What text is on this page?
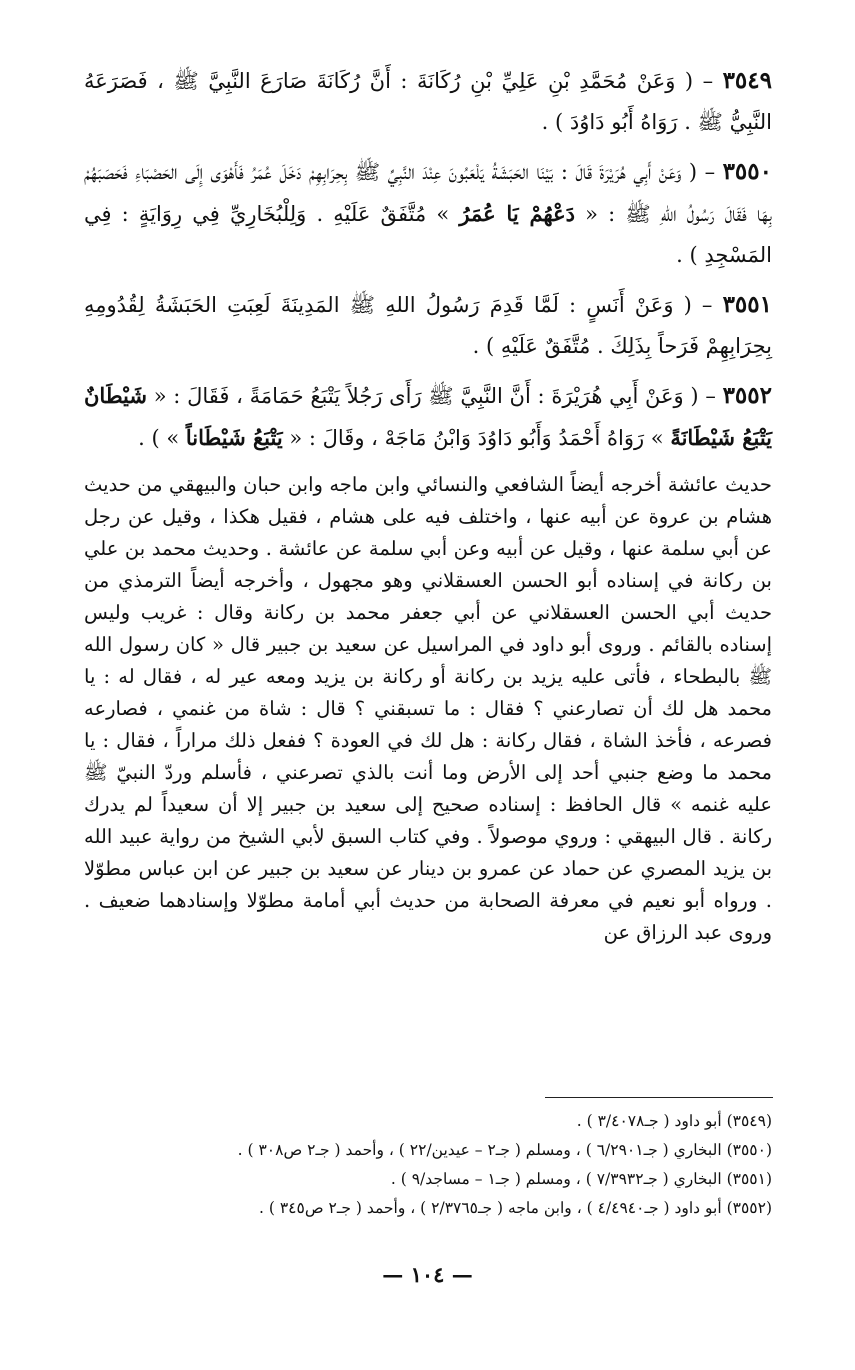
٣٥٤٩ – ( وَعَنْ مُحَمَّدِ بْنِ عَلِيِّ بْنِ رُكَانَةَ : أَنَّ رُكَانَةَ صَارَعَ النَّبِيَّ ﷺ ، فَصَرَعَهُ النَّبِيُّ ﷺ . رَوَاهُ أَبُو دَاوُدَ ) .

٣٥٥٠ – ( وَعَنْ أَبِي هُرَيْرَةَ قَالَ : بَيْنَا الحَبَشَةُ يَلْعَبُونَ عِنْدَ النَّبِيِّ ﷺ بِحِرَابِهِمْ دَخَلَ عُمَرُ فَأَهْوَى إِلَى الحَصْبَاءِ فَحَصَبَهُمْ بِهَا فَقَالَ رَسُولُ اللهِ ﷺ : « دَعْهُمْ يَا عُمَرُ » مُتَّفَقٌ عَلَيْهِ . وَلِلْبُخَارِيِّ فِي رِوَايَةٍ : فِي المَسْجِدِ ) .

٣٥٥١ – ( وَعَنْ أَنَسٍ : لَمَّا قَدِمَ رَسُولُ اللهِ ﷺ المَدِينَةَ لَعِبَتِ الحَبَشَةُ لِقُدُومِهِ بِحِرَابِهِمْ فَرَحاً بِذَلِكَ . مُتَّفَقٌ عَلَيْهِ ) .

٣٥٥٢ – ( وَعَنْ أَبِي هُرَيْرَةَ : أَنَّ النَّبِيَّ ﷺ رَأَى رَجُلاً يَتْبَعُ حَمَامَةً ، فَقَالَ : « شَيْطَانٌ يَتْبَعُ شَيْطَانَةً » رَوَاهُ أَحْمَدُ وَأَبُو دَاوُدَ وَابْنُ مَاجَهْ ، وقَالَ : « يَتْبَعُ شَيْطَاناً » ) .

حديث عائشة أخرجه أيضاً الشافعي والنسائي وابن ماجه وابن حبان والبيهقي من حديث هشام بن عروة عن أبيه عنها ، واختلف فيه على هشام ، فقيل هكذا ، وقيل عن رجل عن أبي سلمة عنها ، وقيل عن أبيه وعن أبي سلمة عن عائشة . وحديث محمد بن علي بن ركانة في إسناده أبو الحسن العسقلاني وهو مجهول ، وأخرجه أيضاً الترمذي من حديث أبي الحسن العسقلاني عن أبي جعفر محمد بن ركانة وقال : غريب وليس إسناده بالقائم . وروى أبو داود في المراسيل عن سعيد بن جبير قال « كان رسول الله ﷺ بالبطحاء ، فأتى عليه يزيد بن ركانة أو ركانة بن يزيد ومعه عير له ، فقال له : يا محمد هل لك أن تصارعني ؟ فقال : ما تسبقني ؟ قال : شاة من غنمي ، فصارعه فصرعه ، فأخذ الشاة ، فقال ركانة : هل لك في العودة ؟ ففعل ذلك مراراً ، فقال : يا محمد ما وضع جنبي أحد إلى الأرض وما أنت بالذي تصرعني ، فأسلم وردّ النبيّ ﷺ عليه غنمه » قال الحافظ : إسناده صحيح إلى سعيد بن جبير إلا أن سعيداً لم يدرك ركانة . قال البيهقي : وروي موصولاً . وفي كتاب السبق لأبي الشيخ من رواية عبيد الله بن يزيد المصري عن حماد عن عمرو بن دينار عن سعيد بن جبير عن ابن عباس مطوّلا . ورواه أبو نعيم في معرفة الصحابة من حديث أبي أمامة مطوّلا وإسنادهما ضعيف . وروى عبد الرزاق عن

(٣٥٤٩) أبو داود ( جـ٣/٤٠٧٨ ) .
(٣٥٥٠) البخاري ( جـ٦/٢٩٠١ ) ، ومسلم ( جـ٢ – عيدين/٢٢ ) ، وأحمد ( جـ٢ ص٣٠٨ ) .
(٣٥٥١) البخاري ( جـ٧/٣٩٣٢ ) ، ومسلم ( جـ١ – مساجد/٩ ) .
(٣٥٥٢) أبو داود ( جـ٤/٤٩٤٠ ) ، وابن ماجه ( جـ٢/٣٧٦٥ ) ، وأحمد ( جـ٢ ص٣٤٥ ) .
— ١٠٤ —
